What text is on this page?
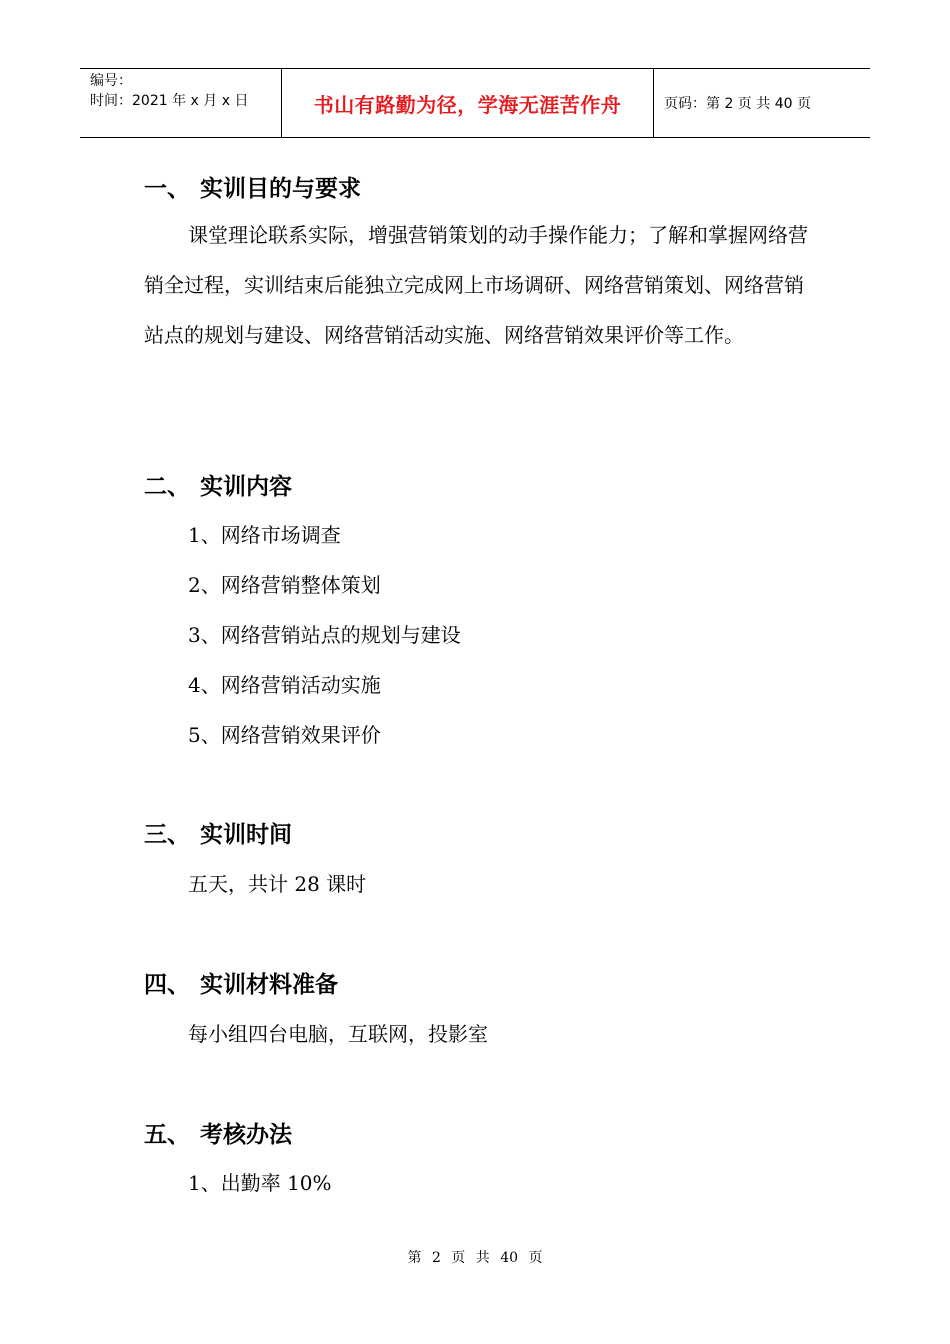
编号：
时间：2021 年 x 月 x 日	书山有路勤为径，学海无涯苦作舟	页码：第 2 页 共 40 页
一、 实训目的与要求

课堂理论联系实际，增强营销策划的动手操作能力；了解和掌握网络营销全过程，实训结束后能独立完成网上市场调研、网络营销策划、网络营销站点的规划与建设、网络营销活动实施、网络营销效果评价等工作。

二、 实训内容

1、网络市场调查

2、网络营销整体策划

3、网络营销站点的规划与建设

4、网络营销活动实施

5、网络营销效果评价

三、 实训时间

五天，共计 28 课时

四、 实训材料准备

每小组四台电脑，互联网，投影室

五、 考核办法

1、出勤率 10%

第 2 页 共 40 页
